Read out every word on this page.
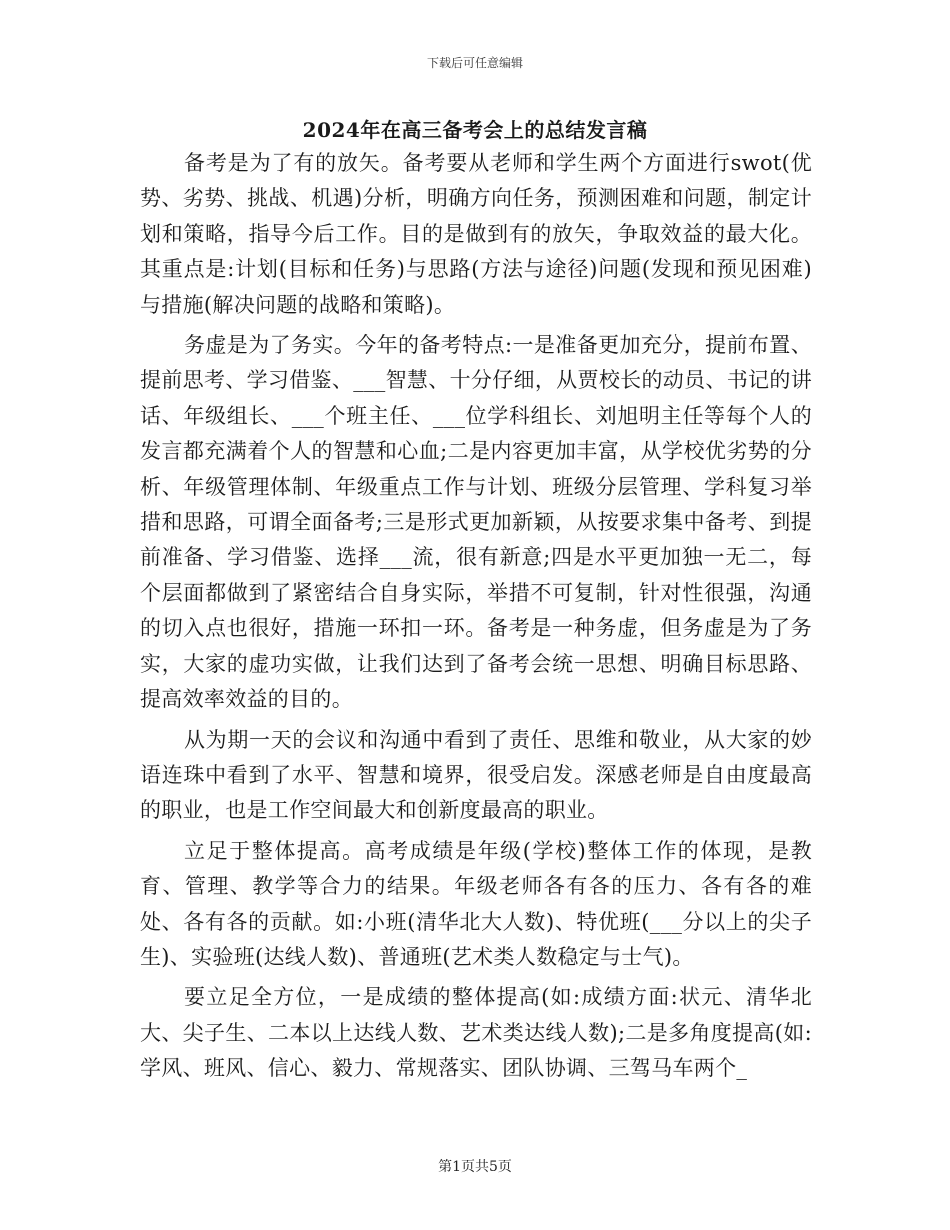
下载后可任意编辑
2024年在高三备考会上的总结发言稿

备考是为了有的放矢。备考要从老师和学生两个方面进行swot(优势、劣势、挑战、机遇)分析，明确方向任务，预测困难和问题，制定计划和策略，指导今后工作。目的是做到有的放矢，争取效益的最大化。其重点是:计划(目标和任务)与思路(方法与途径)问题(发现和预见困难)与措施(解决问题的战略和策略)。

务虚是为了务实。今年的备考特点:一是准备更加充分，提前布置、提前思考、学习借鉴、___智慧、十分仔细，从贾校长的动员、书记的讲话、年级组长、___个班主任、___位学科组长、刘旭明主任等每个人的发言都充满着个人的智慧和心血;二是内容更加丰富，从学校优劣势的分析、年级管理体制、年级重点工作与计划、班级分层管理、学科复习举措和思路，可谓全面备考;三是形式更加新颖，从按要求集中备考、到提前准备、学习借鉴、选择___流，很有新意;四是水平更加独一无二，每个层面都做到了紧密结合自身实际，举措不可复制，针对性很强，沟通的切入点也很好，措施一环扣一环。备考是一种务虚，但务虚是为了务实，大家的虚功实做，让我们达到了备考会统一思想、明确目标思路、提高效率效益的目的。

从为期一天的会议和沟通中看到了责任、思维和敬业，从大家的妙语连珠中看到了水平、智慧和境界，很受启发。深感老师是自由度最高的职业，也是工作空间最大和创新度最高的职业。

立足于整体提高。高考成绩是年级(学校)整体工作的体现，是教育、管理、教学等合力的结果。年级老师各有各的压力、各有各的难处、各有各的贡献。如:小班(清华北大人数)、特优班(___分以上的尖子生)、实验班(达线人数)、普通班(艺术类人数稳定与士气)。

要立足全方位，一是成绩的整体提高(如:成绩方面:状元、清华北大、尖子生、二本以上达线人数、艺术类达线人数);二是多角度提高(如:学风、班风、信心、毅力、常规落实、团队协调、三驾马车两个_

第1页共5页
